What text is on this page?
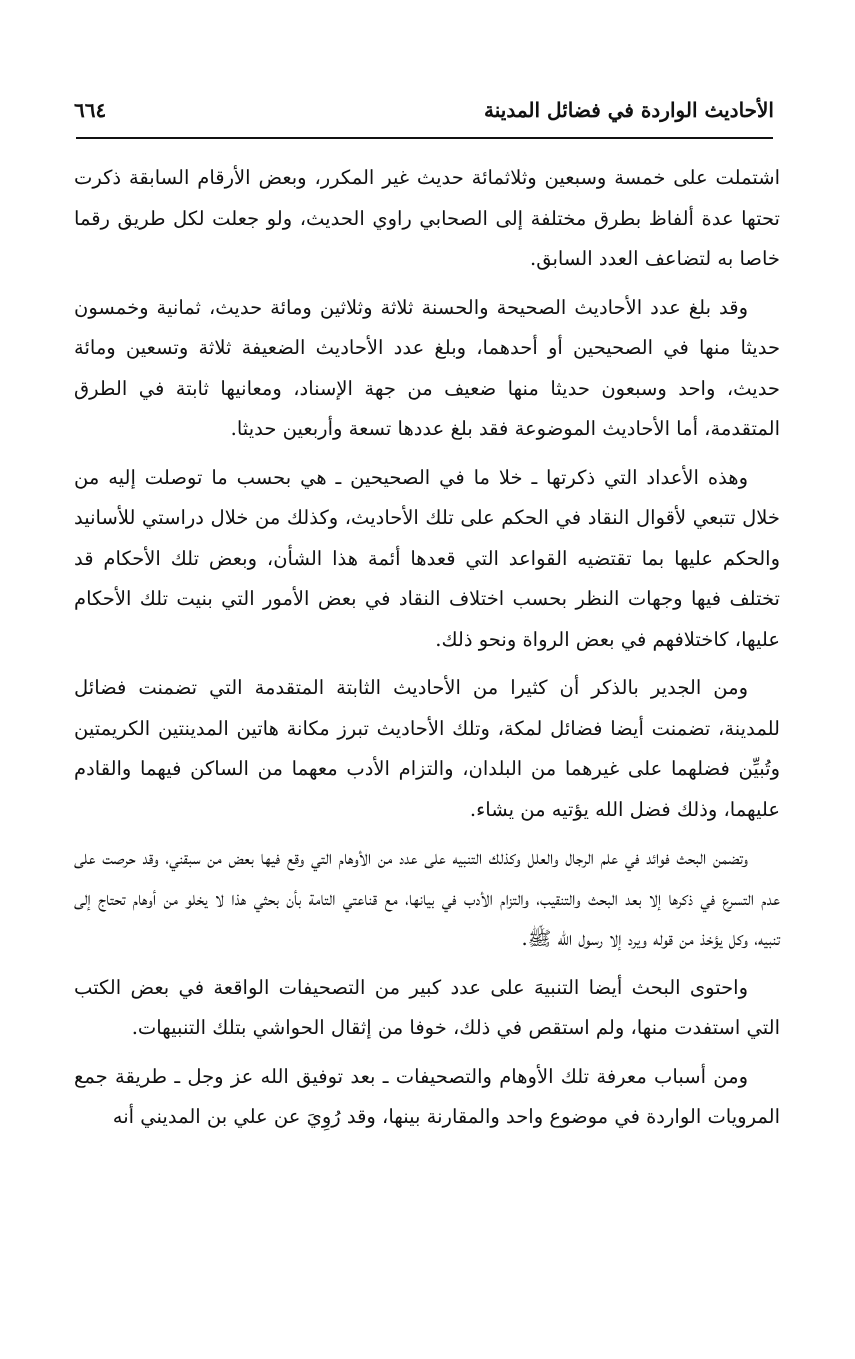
الأحاديث الواردة في فضائل المدينة
٦٦٤

اشتملت على خمسة وسبعين وثلاثمائة حديث غير المكرر، وبعض الأرقام السابقة ذكرت تحتها عدة ألفاظ بطرق مختلفة إلى الصحابي راوي الحديث، ولو جعلت لكل طريق رقما خاصا به لتضاعف العدد السابق.

وقد بلغ عدد الأحاديث الصحيحة والحسنة ثلاثة وثلاثين ومائة حديث، ثمانية وخمسون حديثا منها في الصحيحين أو أحدهما، وبلغ عدد الأحاديث الضعيفة ثلاثة وتسعين ومائة حديث، واحد وسبعون حديثا منها ضعيف من جهة الإسناد، ومعانيها ثابتة في الطرق المتقدمة، أما الأحاديث الموضوعة فقد بلغ عددها تسعة وأربعين حديثا.

وهذه الأعداد التي ذكرتها ـ خلا ما في الصحيحين ـ هي بحسب ما توصلت إليه من خلال تتبعي لأقوال النقاد في الحكم على تلك الأحاديث، وكذلك من خلال دراستي للأسانيد والحكم عليها بما تقتضيه القواعد التي قعدها أئمة هذا الشأن، وبعض تلك الأحكام قد تختلف فيها وجهات النظر بحسب اختلاف النقاد في بعض الأمور التي بنيت تلك الأحكام عليها، كاختلافهم في بعض الرواة ونحو ذلك.

ومن الجدير بالذكر أن كثيرا من الأحاديث الثابتة المتقدمة التي تضمنت فضائل للمدينة، تضمنت أيضا فضائل لمكة، وتلك الأحاديث تبرز مكانة هاتين المدينتين الكريمتين وتُبيِّن فضلهما على غيرهما من البلدان، والتزام الأدب معهما من الساكن فيهما والقادم عليهما، وذلك فضل الله يؤتيه من يشاء.

وتضمن البحث فوائد في علم الرجال والعلل وكذلك التنبيه على عدد من الأوهام التي وقع فيها بعض من سبقني، وقد حرصت على عدم التسرع في ذكرها إلا بعد البحث والتنقيب، والتزام الأدب في بيانها، مع قناعتي التامة بأن بحثي هذا لا يخلو من أوهام تحتاج إلى تنبيه، وكل يؤخذ من قوله ويرد إلا رسول الله ﷺ.

واحتوى البحث أيضا التنبيهَ على عدد كبير من التصحيفات الواقعة في بعض الكتب التي استفدت منها، ولم استقص في ذلك، خوفا من إثقال الحواشي بتلك التنبيهات.

ومن أسباب معرفة تلك الأوهام والتصحيفات ـ بعد توفيق الله عز وجل ـ طريقة جمع المرويات الواردة في موضوع واحد والمقارنة بينها، وقد رُوِيَ عن علي بن المديني أنه
